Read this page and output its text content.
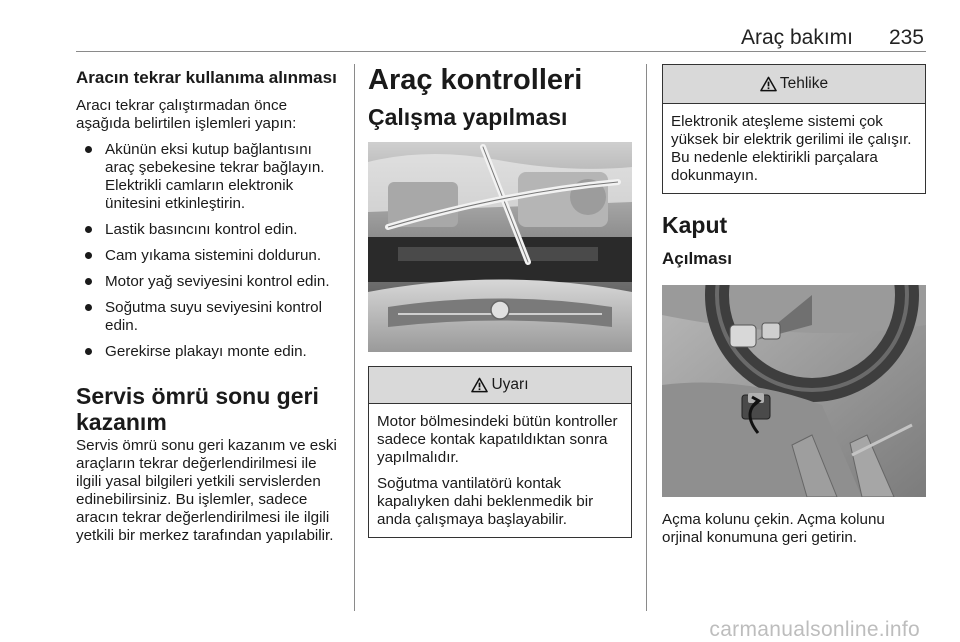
Araç bakımı 235
Aracın tekrar kullanıma alınması

Aracı tekrar çalıştırmadan önce aşağıda belirtilen işlemleri yapın:

Akünün eksi kutup bağlantısını araç şebekesine tekrar bağlayın. Elektrikli camların elektronik ünitesini etkinleştirin.
Lastik basıncını kontrol edin.
Cam yıkama sistemini doldurun.
Motor yağ seviyesini kontrol edin.
Soğutma suyu seviyesini kontrol edin.
Gerekirse plakayı monte edin.
Servis ömrü sonu geri kazanım

Servis ömrü sonu geri kazanım ve eski araçların tekrar değerlendirilmesi ile ilgili yasal bilgileri yetkili servislerden edinebilirsiniz. Bu işlemler, sadece aracın tekrar değerlendirilmesi ile ilgili yetkili bir merkez tarafından yapılabilir.

Araç kontrolleri
Çalışma yapılması
Uyarı

Motor bölmesindeki bütün kontroller sadece kontak kapatıldıktan sonra yapılmalıdır.

Soğutma vantilatörü kontak kapalıyken dahi beklenmedik bir anda çalışmaya başlayabilir.

Tehlike

Elektronik ateşleme sistemi çok yüksek bir elektrik gerilimi ile çalışır. Bu nedenle elektirikli parçalara dokunmayın.

Kaput
Açılması

Açma kolunu çekin. Açma kolunu orjinal konumuna geri getirin.

carmanualsonline.info
